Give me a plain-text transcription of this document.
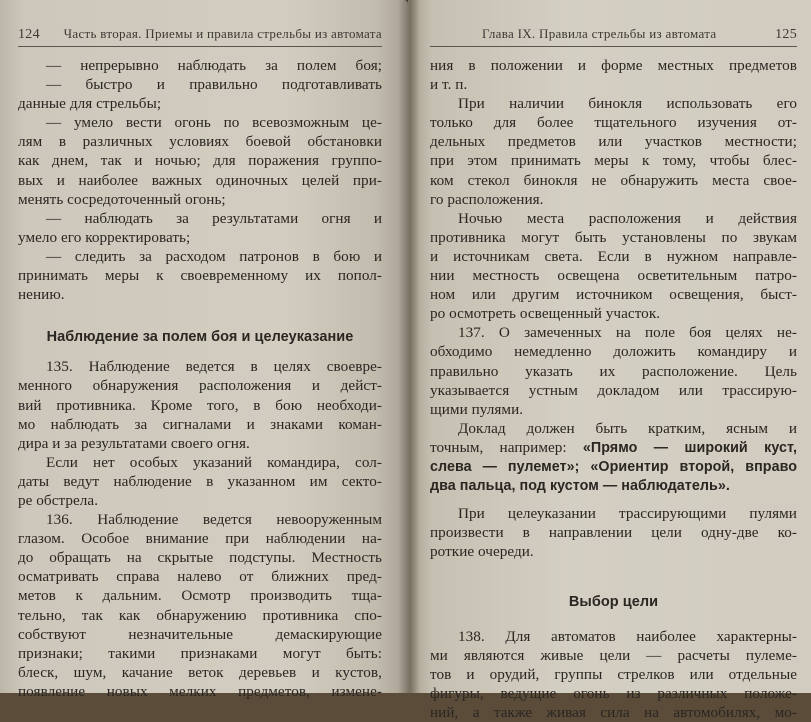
124 Часть вторая. Приемы и правила стрельбы из автомата
— непрерывно наблюдать за полем боя;
— быстро и правильно подготавливать
данные для стрельбы;
— умело вести огонь по всевозможным це-
лям в различных условиях боевой обстановки
как днем, так и ночью; для поражения группо-
вых и наиболее важных одиночных целей при-
менять сосредоточенный огонь;
— наблюдать за результатами огня и
умело его корректировать;
— следить за расходом патронов в бою и
принимать меры к своевременному их попол-
нению.
Наблюдение за полем боя и целеуказание
135. Наблюдение ведется в целях своевре-
менного обнаружения расположения и дейст-
вий противника. Кроме того, в бою необходи-
мо наблюдать за сигналами и знаками коман-
дира и за результатами своего огня.
Если нет особых указаний командира, сол-
даты ведут наблюдение в указанном им секто-
ре обстрела.
136. Наблюдение ведется невооруженным
глазом. Особое внимание при наблюдении на-
до обращать на скрытые подступы. Местность
осматривать справа налево от ближних пред-
метов к дальним. Осмотр производить тща-
тельно, так как обнаружению противника спо-
собствуют незначительные демаскирующие
признаки; такими признаками могут быть:
блеск, шум, качание веток деревьев и кустов,
появление новых мелких предметов, измене-
Глава IX. Правила стрельбы из автомата	125
ния в положении и форме местных предметов
и т. п.
При наличии бинокля использовать его
только для более тщательного изучения от-
дельных предметов или участков местности;
при этом принимать меры к тому, чтобы блес-
ком стекол бинокля не обнаружить места свое-
го расположения.
Ночью места расположения и действия
противника могут быть установлены по звукам
и источникам света. Если в нужном направле-
нии местность освещена осветительным патро-
ном или другим источником освещения, быст-
ро осмотреть освещенный участок.
137. О замеченных на поле боя целях не-
обходимо немедленно доложить командиру и
правильно указать их расположение. Цель
указывается устным докладом или трассирую-
щими пулями.
Доклад должен быть кратким, ясным и
точным, например: «Прямо — широкий куст,
слева — пулемет»; «Ориентир второй, вправо
два пальца, под кустом — наблюдатель».
При целеуказании трассирующими пулями
произвести в направлении цели одну-две ко-
роткие очереди.
Выбор цели
138. Для автоматов наиболее характерны-
ми являются живые цели — расчеты пулеме-
тов и орудий, группы стрелков или отдельные
фигуры, ведущие огонь из различных положе-
ний, а также живая сила на автомобилях, мо-
